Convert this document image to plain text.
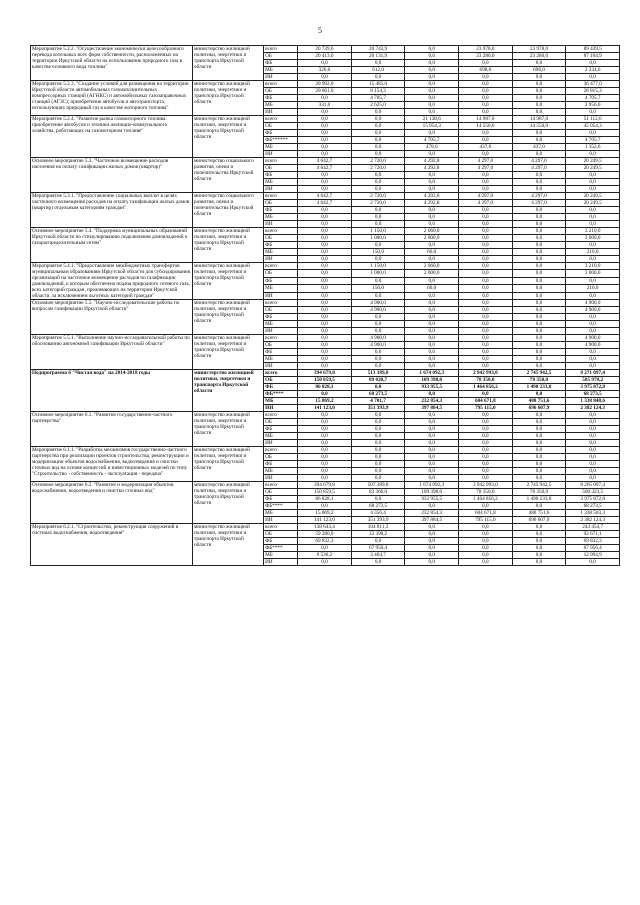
5
Мероприятие 5.2.2. "Осуществление экономически целесообразного перевода котельных всех форм собственности, расположенных на территории Иркутской области на использование природного газа в качестве основного вида топлива"	министерство жилищной политики, энергетики и транспорта Иркутской области	всего	20 739,6	20 743,9	0,0	23 978,0	23 978,0	89 439,5
		ОБ	20 413,0	20 131,9	0,0	23 280,0	23 280,0	87 104,9
		ФБ	0,0	0,0	0,0	0,0	0,0	0,0
		МБ	326,6	612,0	0,0	698,0	698,0	2 334,6
		ИИ	0,0	0,0	0,0	0,0	0,0	0,0
Мероприятие 5.2.3. "Создание условий для размещения на территории Иркутской области автомобильных газонаполнительных компрессорных станций (АГНКС) и автомобильных газозаправочных станций (АГЗС); приобретение автобусов и автотранспорта, использующих природный газ в качестве моторного топлива"	министерство жилищной политики, энергетики и транспорта Иркутской области	всего	20 992,0	15 485,0	0,0	0,0	0,0	36 477,0
		ОБ	20 661,0	8 154,3	0,0	0,0	0,0	28 815,3
		ФБ	0,0	4 705,7	0,0	0,0	0,0	4 705,7
		МБ	331,0	2 625,0	0,0	0,0	0,0	2 956,0
		ИИ	0,0	0,0	0,0	0,0	0,0	0,0
Мероприятие 5.2.4. "Развитие рынка газомоторного топлива: приобретение автобусов и техники жилищно-коммунального хозяйства, работающих на газомоторном топливе"	министерство жилищной политики, энергетики и транспорта Иркутской области	всего	0,0	0,0	21 138,6	14 987,0	14 987,0	51 112,6
		ОБ	0,0	0,0	15 954,3	14 550,0	14 550,0	45 054,3
		ФБ	0,0	0,0	0,0	0,0	0,0	0,0
		ФБ******	0,0	0,0	4 705,7	0,0	0,0	4 705,7
		МБ	0,0	0,0	478,6	437,0	437,0	1 352,6
		ИИ	0,0	0,0	0,0	0,0	0,0	0,0
Основное мероприятие 5.3. "Частичное возмещение расходов населения на оплату газификации жилых домов (квартир)"	министерство социального развития, опеки и попечительства Иркутской области	всего	4 642,7	2 720,0	4 292,8	4 297,0	4 297,0	20 249,5
		ОБ	4 642,7	2 720,0	4 292,8	4 297,0	4 297,0	20 249,5
		ФБ	0,0	0,0	0,0	0,0	0,0	0,0
		МБ	0,0	0,0	0,0	0,0	0,0	0,0
		ИИ	0,0	0,0	0,0	0,0	0,0	0,0
Мероприятие 5.3.1. "Предоставление социальных выплат в целях частичного возмещения расходов на оплату газификации жилых домов (квартир) отдельным категориям граждан"	министерство социального развития, опеки и попечительства Иркутской области	всего	4 642,7	2 720,0	4 292,8	4 297,0	4 297,0	20 249,5
		ОБ	4 642,7	2 720,0	4 292,8	4 297,0	4 297,0	20 249,5
		ФБ	0,0	0,0	0,0	0,0	0,0	0,0
		МБ	0,0	0,0	0,0	0,0	0,0	0,0
		ИИ	0,0	0,0	0,0	0,0	0,0	0,0
Основное мероприятие 5.4. "Поддержка муниципальных образований Иркутской области по стимулированию подключения домовладений к газораспределительным сетям"	министерство жилищной политики, энергетики и транспорта Иркутской области	всего	0,0	1 150,0	2 060,0	0,0	0,0	3 210,0
		ОБ	0,0	1 000,0	2 000,0	0,0	0,0	3 000,0
		ФБ	0,0	0,0	0,0	0,0	0,0	0,0
		МБ	0,0	150,0	60,0	0,0	0,0	210,0
		ИИ	0,0	0,0	0,0	0,0	0,0	0,0
Мероприятие 5.4.1. "Предоставление межбюджетных трансфертов муниципальным образованиям Иркутской области для субсидирования организаций на частичное возмещение расходов по газификации домовладений, к которым обеспечена подача природного сетевого газа, всех категорий граждан, проживающих на территории Иркутской области, за исключением льготных категорий граждан"	министерство жилищной политики, энергетики и транспорта Иркутской области	всего	0,0	1 150,0	2 060,0	0,0	0,0	3 210,0
		ОБ	0,0	1 000,0	2 000,0	0,0	0,0	3 000,0
		ФБ	0,0	0,0	0,0	0,0	0,0	0,0
		МБ	0,0	150,0	60,0	0,0	0,0	210,0
		ИИ	0,0	0,0	0,0	0,0	0,0	0,0
Основное мероприятие 5.5. "Научно-исследовательские работы по вопросам газификации Иркутской области"	министерство жилищной политики, энергетики и транспорта Иркутской области	всего	0,0	4 900,0	0,0	0,0	0,0	4 900,0
		ОБ	0,0	4 900,0	0,0	0,0	0,0	4 900,0
		ФБ	0,0	0,0	0,0	0,0	0,0	0,0
		МБ	0,0	0,0	0,0	0,0	0,0	0,0
		ИИ	0,0	0,0	0,0	0,0	0,0	0,0
Мероприятие 5.5.1. "Выполнение научно-исследовательской работы по обоснованию автономной газификации Иркутской области"	министерство жилищной политики, энергетики и транспорта Иркутской области	всего	0,0	4 900,0	0,0	0,0	0,0	4 900,0
		ОБ	0,0	4 900,0	0,0	0,0	0,0	4 900,0
		ФБ	0,0	0,0	0,0	0,0	0,0	0,0
		МБ	0,0	0,0	0,0	0,0	0,0	0,0
		ИИ	0,0	0,0	0,0	0,0	0,0	0,0
Подпрограмма 6 "Чистая вода" на 2014-2018 годы	министерство жилищной политики, энергетики и транспорта Иркутской области	всего	394 679,8	513 389,8	1 674 092,3	2 942 993,0	2 745 942,5	8 271 097,4
		ОБ	150 859,5	89 020,7	109 398,0	78 350,0	78 350,0	505 978,2
		ФБ	86 828,1	0,0	933 955,5	1 464 856,2	1 490 233,0	3 975 872,8
		ФБ****	0,0	68 273,5	0,0	0,0	0,0	68 273,5
		МБ	15 869,2	4 701,7	232 854,3	604 671,8	480 751,6	1 338 848,6
		ИИ	141 123,0	351 393,9	397 884,5	795 115,0	696 607,9	2 382 124,3
Основное мероприятие 6.1. "Развитие государственно-частного партнерства"	министерство жилищной политики, энергетики и транспорта Иркутской области	всего	0,0	0,0	0,0	0,0	0,0	0,0
		ОБ	0,0	0,0	0,0	0,0	0,0	0,0
		ФБ	0,0	0,0	0,0	0,0	0,0	0,0
		МБ	0,0	0,0	0,0	0,0	0,0	0,0
		ИИ	0,0	0,0	0,0	0,0	0,0	0,0
Мероприятие 6.1.1. "Разработка механизмов государственно-частного партнерства при реализации проектов строительства, реконструкции и модернизации объектов водоснабжения, водоотведения и очистки сточных вод на основе концессий и инвестиционных моделей по типу "Строительство - собственность - эксплуатация - передача"	министерство жилищной политики, энергетики и транспорта Иркутской области	всего	0,0	0,0	0,0	0,0	0,0	0,0
		ОБ	0,0	0,0	0,0	0,0	0,0	0,0
		ФБ	0,0	0,0	0,0	0,0	0,0	0,0
		МБ	0,0	0,0	0,0	0,0	0,0	0,0
		ИИ	0,0	0,0	0,0	0,0	0,0	0,0
Основное мероприятие 6.2. "Развитие и модернизация объектов водоснабжения, водоотведения и очистки сточных вод"	министерство жилищной политики, энергетики и транспорта Иркутской области	всего	394 679,8	507 389,8	1 674 092,3	2 942 993,0	2 745 942,5	8 265 097,4
		ОБ	150 859,5	83 366,0	109 398,0	78 350,0	78 350,0	500 323,5
		ФБ	86 828,1	0,0	933 955,5	1 464 856,2	1 490 233,0	3 975 872,8
		ФБ****	0,0	68 273,5	0,0	0,0	0,0	68 273,5
		МБ	15 869,2	4 356,4	232 854,3	604 671,8	480 751,6	1 338 503,3
		ИИ	141 123,0	351 393,9	397 884,5	795 115,0	696 607,9	2 382 124,3
Мероприятие 6.2.1. "Строительство, реконструкция сооружений в системах водоснабжения, водоотведения"	министерство жилищной политики, энергетики и транспорта Иркутской области	всего	138 643,4	104 811,3	0,0	0,0	0,0	243 454,7
		ОБ	59 280,9	33 390,2	0,0	0,0	0,0	92 671,1
		ФБ	69 832,3	0,0	0,0	0,0	0,0	69 832,3
		ФБ****	0,0	67 956,4	0,0	0,0	0,0	67 956,4
		МБ	9 530,2	3 464,7	0,0	0,0	0,0	12 994,9
		ИИ	0,0	0,0	0,0	0,0	0,0	0,0
